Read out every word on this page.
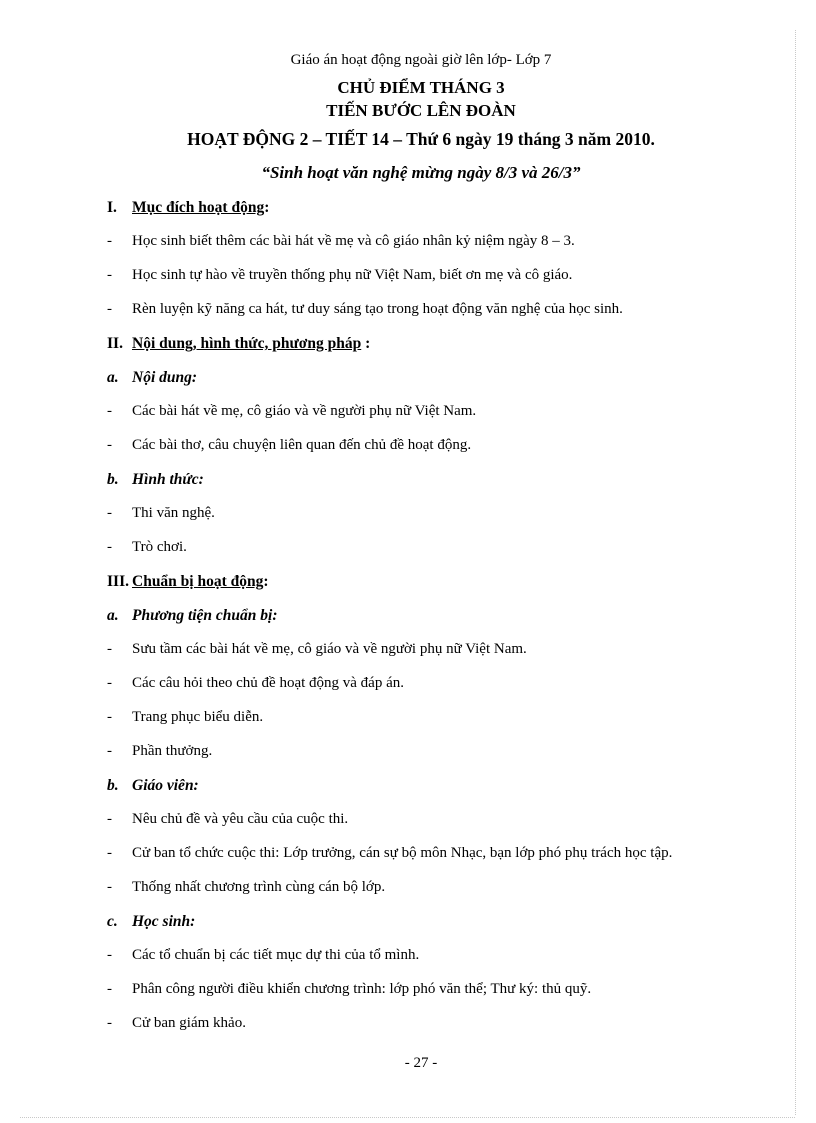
Giáo án hoạt động ngoài giờ lên lớp- Lớp 7
CHỦ ĐIỂM THÁNG 3
TIẾN BƯỚC LÊN ĐOÀN
HOẠT ĐỘNG 2 – TIẾT 14 – Thứ 6 ngày 19 tháng 3 năm 2010.
“Sinh hoạt văn nghệ mừng ngày 8/3 và 26/3”
I. Mục đích hoạt động:
- Học sinh biết thêm các bài hát về mẹ và cô giáo nhân kỷ niệm ngày 8 – 3.
- Học sinh tự hào về truyền thống phụ nữ Việt Nam, biết ơn mẹ và cô giáo.
- Rèn luyện kỹ năng ca hát, tư duy sáng tạo trong hoạt động văn nghệ của học sinh.
II. Nội dung, hình thức, phương pháp :
a. Nội dung:
- Các bài hát về mẹ, cô giáo và về người phụ nữ Việt Nam.
- Các bài thơ, câu chuyện liên quan đến chủ đề hoạt động.
b. Hình thức:
- Thi văn nghệ.
- Trò chơi.
III. Chuẩn bị hoạt động:
a. Phương tiện chuẩn bị:
- Sưu tầm các bài hát về mẹ, cô giáo và về người phụ nữ Việt Nam.
- Các câu hỏi theo chủ đề hoạt động và đáp án.
- Trang phục biểu diễn.
- Phần thưởng.
b. Giáo viên:
- Nêu chủ đề và yêu cầu của cuộc thi.
- Cử ban tổ chức cuộc thi: Lớp trưởng, cán sự bộ môn Nhạc, bạn lớp phó phụ trách học tập.
- Thống nhất chương trình cùng cán bộ lớp.
c. Học sinh:
- Các tổ chuẩn bị các tiết mục dự thi của tổ mình.
- Phân công người điều khiển chương trình: lớp phó văn thể; Thư ký: thủ quỹ.
- Cử ban giám khảo.
- 27 -
